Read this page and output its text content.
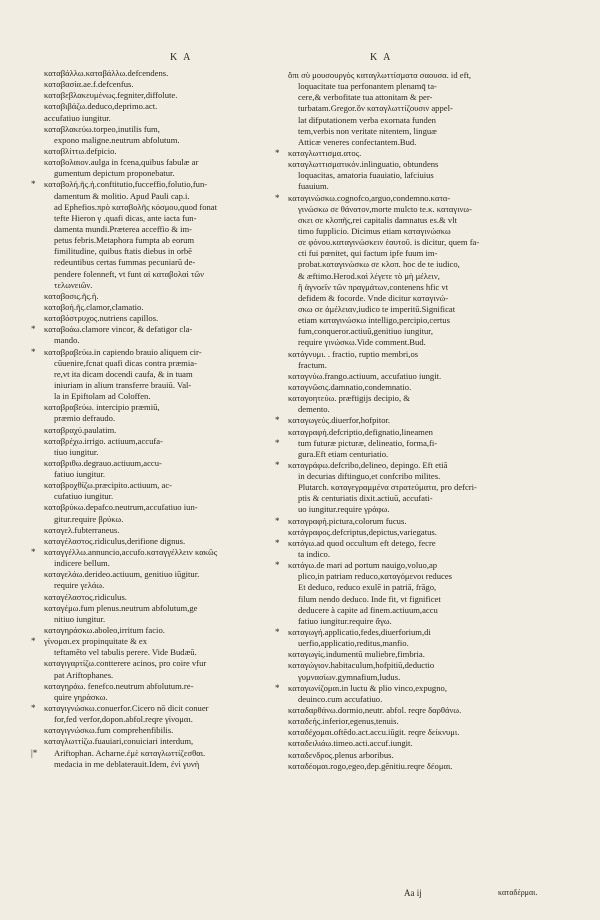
K A	K A
καταβάλλω.καταβάλλω.defcendens.
καταβασία.ae.f.defcenfus.
καταβεβλακευμένως.fegniter,diffolute.
καταβιβάζω.deduco,deprimo.act.
accufatiuo iungitur.
καταβλακεύω.torpeo,inutilis fum,
expono maligne.neutrum abfolutum.
καταβλίττω.defpicio.
καταβολαιον.aulga in fcena,quibus fabulæ ar
gumentum depictum proponebatur.
* καταβολή.ῆς.ἡ.conftitutio,fucceffio,folutio,fun-
damentum & molitio. Apud Pauli cap.i.
ad Ephefios.πρὸ καταβολῆς κόσμου,quod fonat
tefte Hieron γ .quafi dicas, ante iacta fun-
damenta mundi.Præterea acceffio & im-
petus febris.Metaphora fumpta ab eorum
fimilitudine, quibus ftatis diebus in orbē
redeuntibus certas fummas pecuniarū de-
pendere folenneft, vt funt αἱ καταβολαὶ τῶν
τελωνειῶν.
καταβοσις.ῆς.ἡ.
καταβοή.ῆς.clamor,clamatio.
καταβόστρυχος.nutriens capillos.
* καταβοάω.clamore vincor, & defatigor cla-
mando.
* καταβραβεύω.in capiendo brauio aliquem cir-
cūuenire,fcnat quafi dicas contra præmia-
re,vt ita dicam docendi caufa, & in tuam
iniuriam in alium transferre brauiū. Val-
la in Epiftolam ad Coloffen.
καταβραβεύω. intercipio præmiū,
præmio defraudo.
καταβραχύ.paulatim.
καταβρέχω.irrigo. actiuum,accufa-
tiuo iungitur.
καταβριθω.degrauo.actiuum,accu-
fatiuo iungitur.
καταβροχθίζω.præcipito.actiuum, ac-
cufatiuo iungitur.
καταβρύκω.depafco.neutrum,accufatiuo iun-
gitur.require βρύκω.
καταγελ.fubterraneus.
καταγέλαστος.ridiculus,derifione dignus.
* καταγγέλλω.annuncio,accufo.καταγγέλλειν κακῶς
indicere bellum.
καταγελάω.derideo.actiuum, genitiuo iūgitur.
require γελάω.
καταγέλαστος.ridiculus.
καταγέμω.fum plenus.neutrum abfolutum,ge
nitiuo iungitur.
καταγηράσκω.aboleo,irritum facio.
* γίνομαι.ex propinquitate & ex
teftamēto vel tabulis perere. Vide Budæū.
καταγιγαρτίζω.contterere acinos, pro coire vfur
pat Ariftophanes.
καταγηράω. fenefco.neutrum abfolutum.re-
quire γηράσκω.
* καταγιγνώσκω.conuerfor.Cicero nō dicit conuer
for,fed verfor,dopon.abfol.reqre γίνομαι.
καταγιγνώσκω.fum comprehenfibilis.
καταγλωττίζω.fuauiari,conuiciari interdum,
|* Ariftophan. Acharne.ἐμὲ καταγλωττίζεσθαι.
medacia in me deblaterauit.Idem, ἐνὶ γυνὴ
ὅπι σὺ μουσουργὸς καταγλωττίσματα σαουσα. id eft,
loquacitate tua perfonantem plenamq̄ ta-
cere,& verbofitate tua attonitam & per-
turbatam.Gregor.ὃν καταγλωττίζουσιν appel-
lat difputationem verba exornata funden
tem,verbis non veritate nitentem, linguæ
Atticæ veneres confectantem.Bud.
* καταγλωττισμα.ατος.
καταγλωττισματικόν.inlinguatio, obtundens
loquacitas, amatoria fuauiatio, lafciuius
fuauium.
* καταγινώσκω.cognofco,arguo,condemno.κατα-
γινώσκω σε θάνατον,morte mulcto te.κ. καταγινω-
σκει σε κλοπῆς,rei capitalis damnatus es.& vlt
timo fupplicio. Dicimus etiam καταγινώσκω
σε φόνου.καταγινώσκειν ἑαυτοῦ. is dicitur, quem fa-
cti fui pœnitet, qui factum ipfe fuum im-
probat.καταγινώσκω σε κλοπ. hoc de te iudico,
& æftimo.Herod.καὶ λέγετε τὸ μὴ μέλειν,
ἢ ἀγνοεῖν τῶν πραγμάτων,contenens hfic vt
defidem & focorde. Vnde dicitur καταγινώ-
σκω σε ἀμέλειαν,iudico te imperitū.Significat
etiam καταγινώσκω intelligo,percipio,certus
fum,conqueror.actiuū,genitiuo iungitur,
require γινώσκω.Vide comment.Bud.
κατάγνυμι. . fractio, ruptio membri,os
fractum.
καταγνύω.frango.actiuum, accufatiuo iungit.
καταγνῶσις.damnatio,condemnatio.
καταγοητεύω. præftigijs decipio, &
demento.
* καταγωγεύς.diuerfor,hofpitor.
καταγραφή.defcriptio,defignatio,lineamen
* tum futuræ picturæ, delineatio, forma,fi-
gura.Eft etiam centuriatio.
* καταγράφω.defcribo,delineo, depingo. Eft etiā
in decurias diftinguo,et confcribo milites.
Plutarch. καταγεγραμμένα στρατεύματα, pro defcri-
ptis & centuriatis dixit.actiuū, accufati-
uo iungitur.require γράφω.
* καταγραφή.pictura,colorum fucus.
κατάγραφος.defcriptus,depictus,variegatus.
* κατάγω.ad quod occultum eft detego, fecre
ta indico.
* κατάγω.de mari ad portum nauigo,voluo,ap
plico,in patriam reduco,καταγόμενοι reduces
Et deduco, reduco exulē in patriā, frāgo,
filum nendo deduco. Inde fit, vt fignificet
deducere à capite ad finem.actiuum,accu
fatiuo iungitur.require ἄγω.
* καταγωγή.applicatio,fedes,diuerforium,di
uerfio,applicatio,reditus,manfio.
καταγωγίς.indumentū muliebre,fimbria.
καταγώγιον.habitaculum,hofpitiū,deductio
γυμνασίων.gymnafium,ludus.
* καταγωνίζομαι.in luctu & plio vinco,expugno,
deuinco.cum accufatiuo.
καταδαρθάνω.dormio,neutr. abfol. reqre δαρθάνω.
καταδεής.inferior,egenus,tenuis.
καταδέχομαι.oftēdo.act.accu.iūgit. reqre δείκνυμι.
καταδειλιάω.timeo.acti.accuf.iungit.
καταδενδρος.plenus arboribus.
καταδέομαι.rogo,egeo,dep.gēnitiu.reqre δέομαι.
Aa ij	καταδέρμαι.
